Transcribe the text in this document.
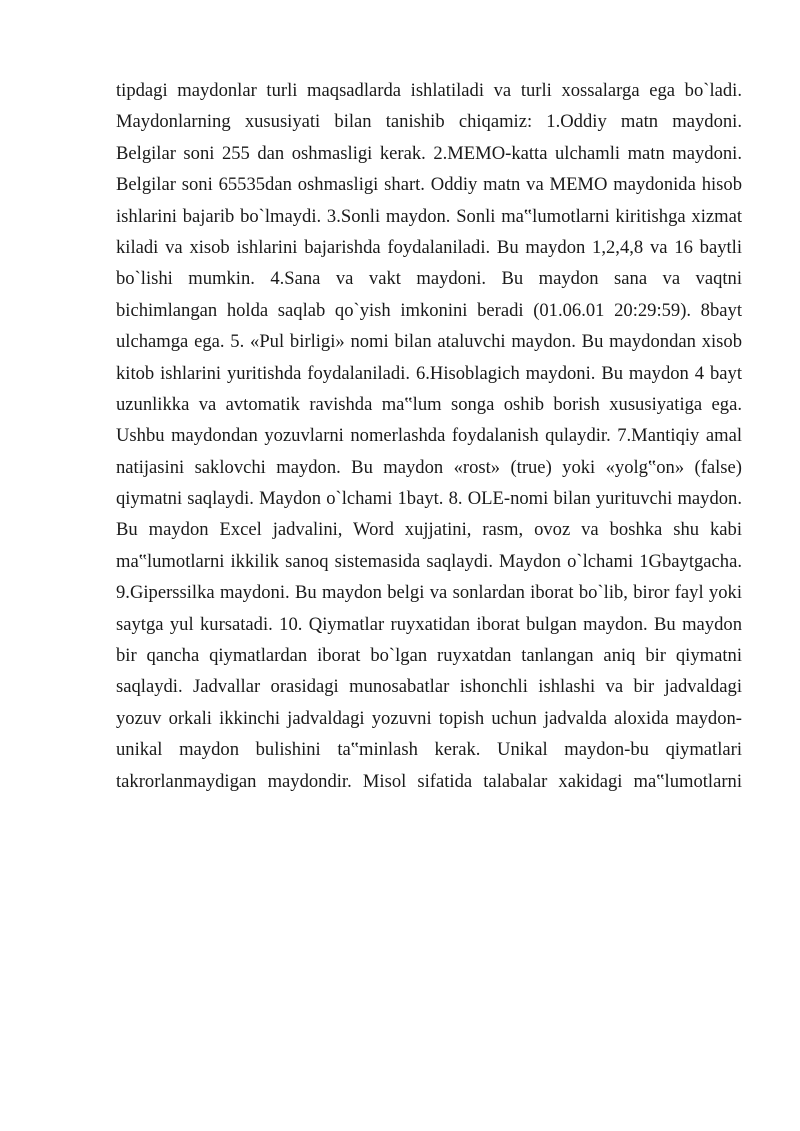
tipdagi maydonlar turli maqsadlarda ishlatiladi va turli xossalarga ega bo`ladi.
Maydonlarning xususiyati bilan tanishib chiqamiz: 1.Oddiy matn maydoni.
Belgilar soni 255 dan oshmasligi kerak. 2.MEMO-katta ulchamli matn maydoni.
Belgilar soni 65535dan oshmasligi shart. Oddiy matn va MEMO maydonida hisob
ishlarini bajarib bo`lmaydi. 3.Sonli maydon. Sonli ma‟lumotlarni kiritishga xizmat
kiladi va xisob ishlarini bajarishda foydalaniladi. Bu maydon 1,2,4,8 va 16 baytli
bo`lishi mumkin. 4.Sana va vakt maydoni. Bu maydon sana va vaqtni
bichimlangan holda saqlab qo`yish imkonini beradi (01.06.01 20:29:59). 8bayt
ulchamga ega. 5. «Pul birligi» nomi bilan ataluvchi maydon. Bu maydondan xisob
kitob ishlarini yuritishda foydalaniladi. 6.Hisoblagich maydoni. Bu maydon 4 bayt
uzunlikka va avtomatik ravishda ma‟lum songa oshib borish xususiyatiga ega.
Ushbu maydondan yozuvlarni nomerlashda foydalanish qulaydir. 7.Mantiqiy amal
natijasini saklovchi maydon. Bu maydon «rost» (true) yoki «yolg‟on» (false)
qiymatni saqlaydi. Maydon o`lchami 1bayt. 8. OLE-nomi bilan yurituvchi maydon.
Bu maydon Excel jadvalini, Word xujjatini, rasm, ovoz va boshka shu kabi
ma‟lumotlarni ikkilik sanoq sistemasida saqlaydi. Maydon o`lchami 1Gbaytgacha.
9.Giperssilka maydoni. Bu maydon belgi va sonlardan iborat bo`lib, biror fayl yoki
saytga yul kursatadi. 10. Qiymatlar ruyxatidan iborat bulgan maydon. Bu maydon
bir qancha qiymatlardan iborat bo`lgan ruyxatdan tanlangan aniq bir qiymatni
saqlaydi. Jadvallar orasidagi munosabatlar ishonchli ishlashi va bir jadvaldagi
yozuv orkali ikkinchi jadvaldagi yozuvni topish uchun jadvalda aloxida maydon-
unikal maydon bulishini ta‟minlash kerak. Unikal maydon-bu qiymatlari
takrorlanmaydigan maydondir. Misol sifatida talabalar xakidagi ma‟lumotlarni
